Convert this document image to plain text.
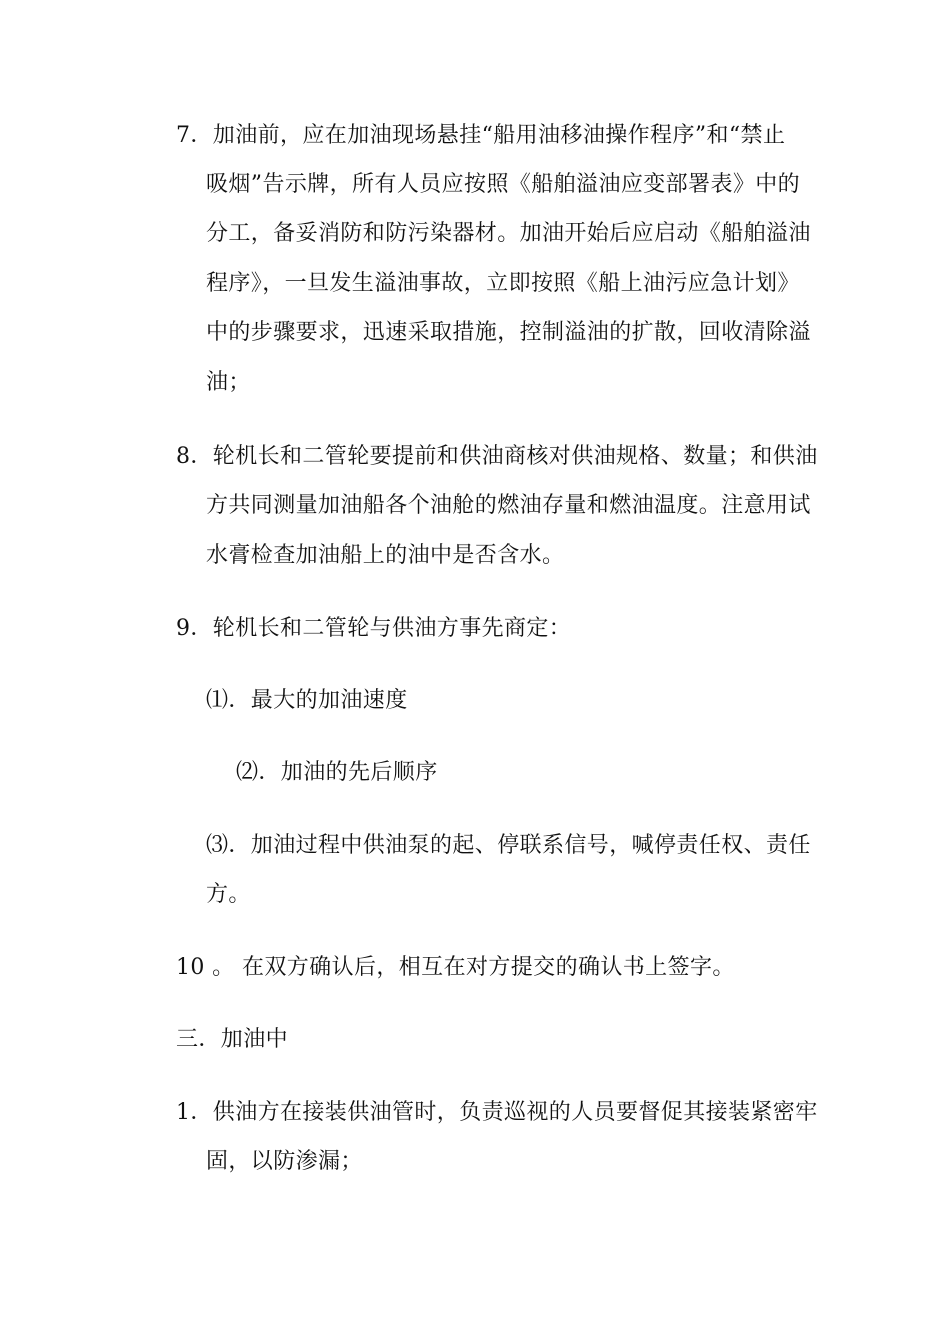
7．加油前，应在加油现场悬挂“船用油移油操作程序”和“禁止
吸烟”告示牌，所有人员应按照《船舶溢油应变部署表》中的
分工，备妥消防和防污染器材。加油开始后应启动《船舶溢油
程序》，一旦发生溢油事故，立即按照《船上油污应急计划》
中的步骤要求，迅速采取措施，控制溢油的扩散，回收清除溢
油；
8．轮机长和二管轮要提前和供油商核对供油规格、数量；和供油
方共同测量加油船各个油舱的燃油存量和燃油温度。注意用试
水膏检查加油船上的油中是否含水。
9．轮机长和二管轮与供油方事先商定：
⑴．最大的加油速度
⑵．加油的先后顺序
⑶．加油过程中供油泵的起、停联系信号，喊停责任权、责任
方。
10 。 在双方确认后，相互在对方提交的确认书上签字。
三．加油中
1．供油方在接装供油管时，负责巡视的人员要督促其接装紧密牢
固，以防渗漏；
